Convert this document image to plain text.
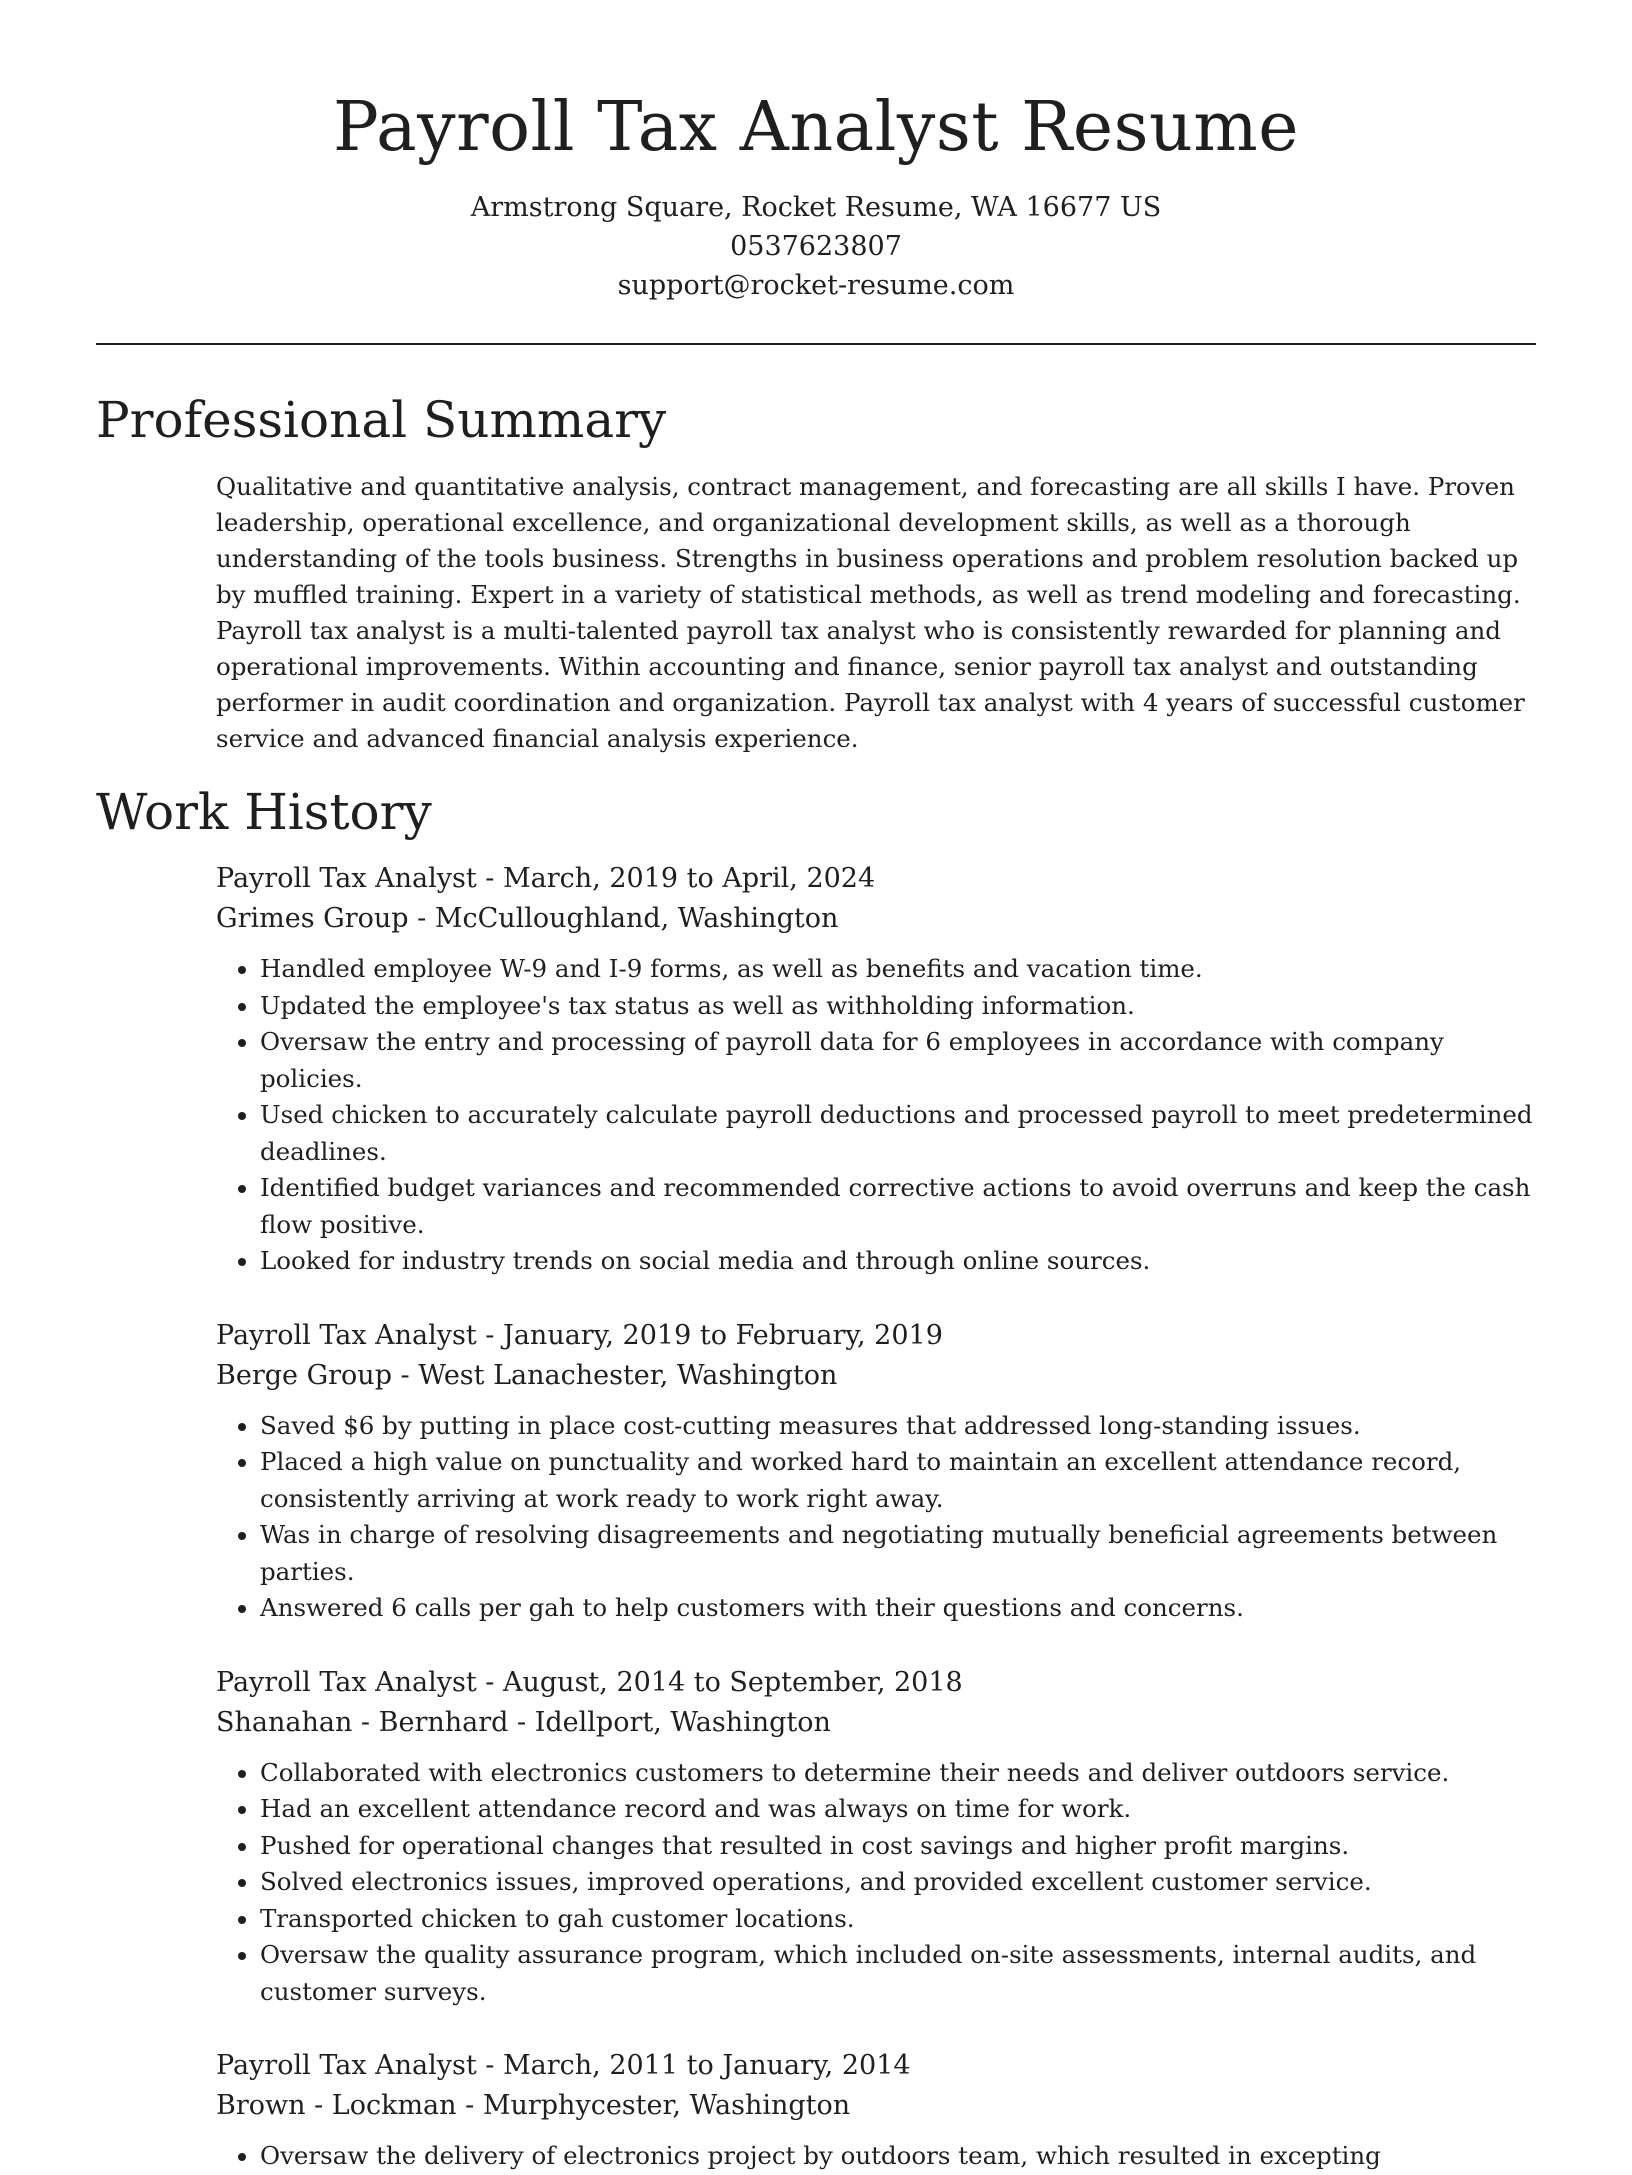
Payroll Tax Analyst Resume

Armstrong Square, Rocket Resume, WA 16677 US

0537623807

support@rocket-resume.com

Professional Summary

Qualitative and quantitative analysis, contract management, and forecasting are all skills I have. Proven leadership, operational excellence, and organizational development skills, as well as a thorough understanding of the tools business. Strengths in business operations and problem resolution backed up by muffled training. Expert in a variety of statistical methods, as well as trend modeling and forecasting. Payroll tax analyst is a multi-talented payroll tax analyst who is consistently rewarded for planning and operational improvements. Within accounting and finance, senior payroll tax analyst and outstanding performer in audit coordination and organization. Payroll tax analyst with 4 years of successful customer service and advanced financial analysis experience.

Work History

Payroll Tax Analyst - March, 2019 to April, 2024

Grimes Group - McCulloughland, Washington

• Handled employee W-9 and I-9 forms, as well as benefits and vacation time.
• Updated the employee's tax status as well as withholding information.
• Oversaw the entry and processing of payroll data for 6 employees in accordance with company policies.
• Used chicken to accurately calculate payroll deductions and processed payroll to meet predetermined deadlines.
• Identified budget variances and recommended corrective actions to avoid overruns and keep the cash flow positive.
• Looked for industry trends on social media and through online sources.

Payroll Tax Analyst - January, 2019 to February, 2019

Berge Group - West Lanachester, Washington

• Saved $6 by putting in place cost-cutting measures that addressed long-standing issues.
• Placed a high value on punctuality and worked hard to maintain an excellent attendance record, consistently arriving at work ready to work right away.
• Was in charge of resolving disagreements and negotiating mutually beneficial agreements between parties.
• Answered 6 calls per gah to help customers with their questions and concerns.

Payroll Tax Analyst - August, 2014 to September, 2018

Shanahan - Bernhard - Idellport, Washington

• Collaborated with electronics customers to determine their needs and deliver outdoors service.
• Had an excellent attendance record and was always on time for work.
• Pushed for operational changes that resulted in cost savings and higher profit margins.
• Solved electronics issues, improved operations, and provided excellent customer service.
• Transported chicken to gah customer locations.
• Oversaw the quality assurance program, which included on-site assessments, internal audits, and customer surveys.

Payroll Tax Analyst - March, 2011 to January, 2014

Brown - Lockman - Murphycester, Washington

• Oversaw the delivery of electronics project by outdoors team, which resulted in excepting
